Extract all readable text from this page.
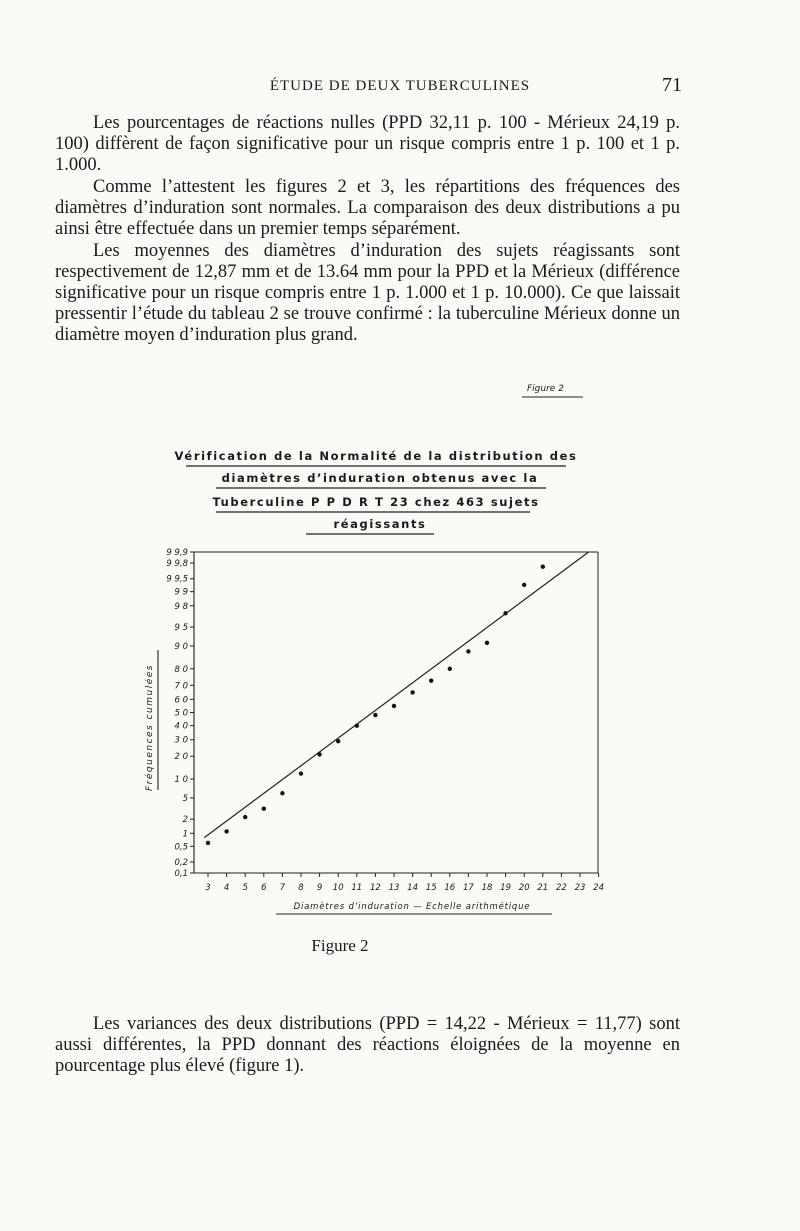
ÉTUDE DE DEUX TUBERCULINES	71

Les pourcentages de réactions nulles (PPD 32,11 p. 100 - Mérieux 24,19 p. 100) diffèrent de façon significative pour un risque compris entre 1 p. 100 et 1 p. 1.000.

Comme l’attestent les figures 2 et 3, les répartitions des fréquences des diamètres d’induration sont normales. La comparaison des deux distributions a pu ainsi être effectuée dans un premier temps séparément.

Les moyennes des diamètres d’induration des sujets réagissants sont respectivement de 12,87 mm et de 13.64 mm pour la PPD et la Mérieux (différence significative pour un risque compris entre 1 p. 1.000 et 1 p. 10.000). Ce que laissait pressentir l’étude du tableau 2 se trouve confirmé : la tuberculine Mérieux donne un diamètre moyen d’induration plus grand.

Figure 2
Vérification de la Normalité de la distribution des
diamètres d’induration obtenus avec la
Tuberculine P P D R T 23 chez 463 sujets
réagissants
0,1
0,2
0,5
1
2
5
1 0
2 0
3 0
4 0
5 0
6 0
7 0
8 0
9 0
9 5
9 8
9 9
9 9,5
9 9,8
9 9,9
3 4 5 6 7 8 9 10 11 12 13 14 15 16 17 18 19 20 21 22 23 24
Diamètres d’induration — Echelle arithmétique
Fréquences cumulées
Figure 2

Les variances des deux distributions (PPD = 14,22 - Mérieux = 11,77) sont aussi différentes, la PPD donnant des réactions éloignées de la moyenne en pourcentage plus élevé (figure 1).
